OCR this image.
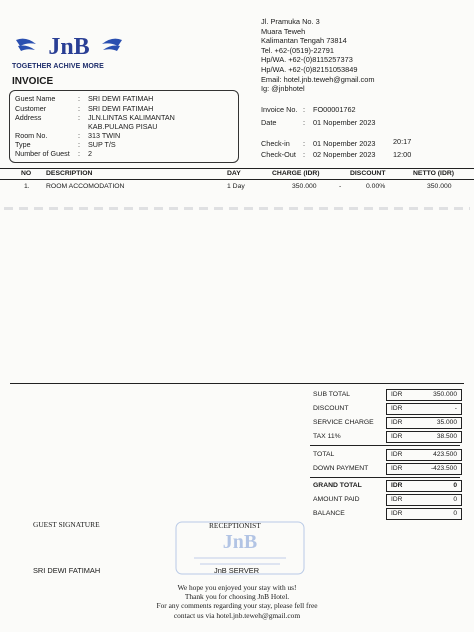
JnB
TOGETHER ACHIVE MORE
INVOICE
Jl. Pramuka No. 3
Muara Teweh
Kalimantan Tengah 73814
Tel. +62-(0519)-22791
Hp/WA. +62-(0)8115257373
Hp/WA. +62-(0)82151053849
Email: hotel.jnb.teweh@gmail.com
Ig: @jnbhotel
Guest Name	: SRI DEWI FATIMAH
Customer	: SRI DEWI FATIMAH
Address	: JLN.LINTAS KALIMANTAN
KAB.PULANG PISAU
Room No.	: 313 TWIN
Type	: SUP T/S
Number of Guest : 2
Invoice No. : FO00001762
Date	: 01 Nopember 2023
Check-in : 01 Nopember 2023 20:17
Check-Out : 02 Nopember 2023 12:00
NO DESCRIPTION	DAY	CHARGE (IDR)	DISCOUNT	NETTO (IDR)
1. ROOM ACCOMODATION	1 Day	350.000	-	0.00%	350.000
SUB TOTAL	IDR	350.000
DISCOUNT	IDR	-
SERVICE CHARGE	IDR	35.000
TAX 11%	IDR	38.500
TOTAL	IDR	423.500
DOWN PAYMENT	IDR	-423.500
GRAND TOTAL	IDR	0
AMOUNT PAID	IDR	0
BALANCE	IDR	0
GUEST SIGNATURE	RECEPTIONIST
JnB
SRI DEWI FATIMAH	JnB SERVER
We hope you enjoyed your stay with us!
Thank you for choosing JnB Hotel.
For any comments regarding your stay, please fell free
contact us via hotel.jnb.teweh@gmail.com
